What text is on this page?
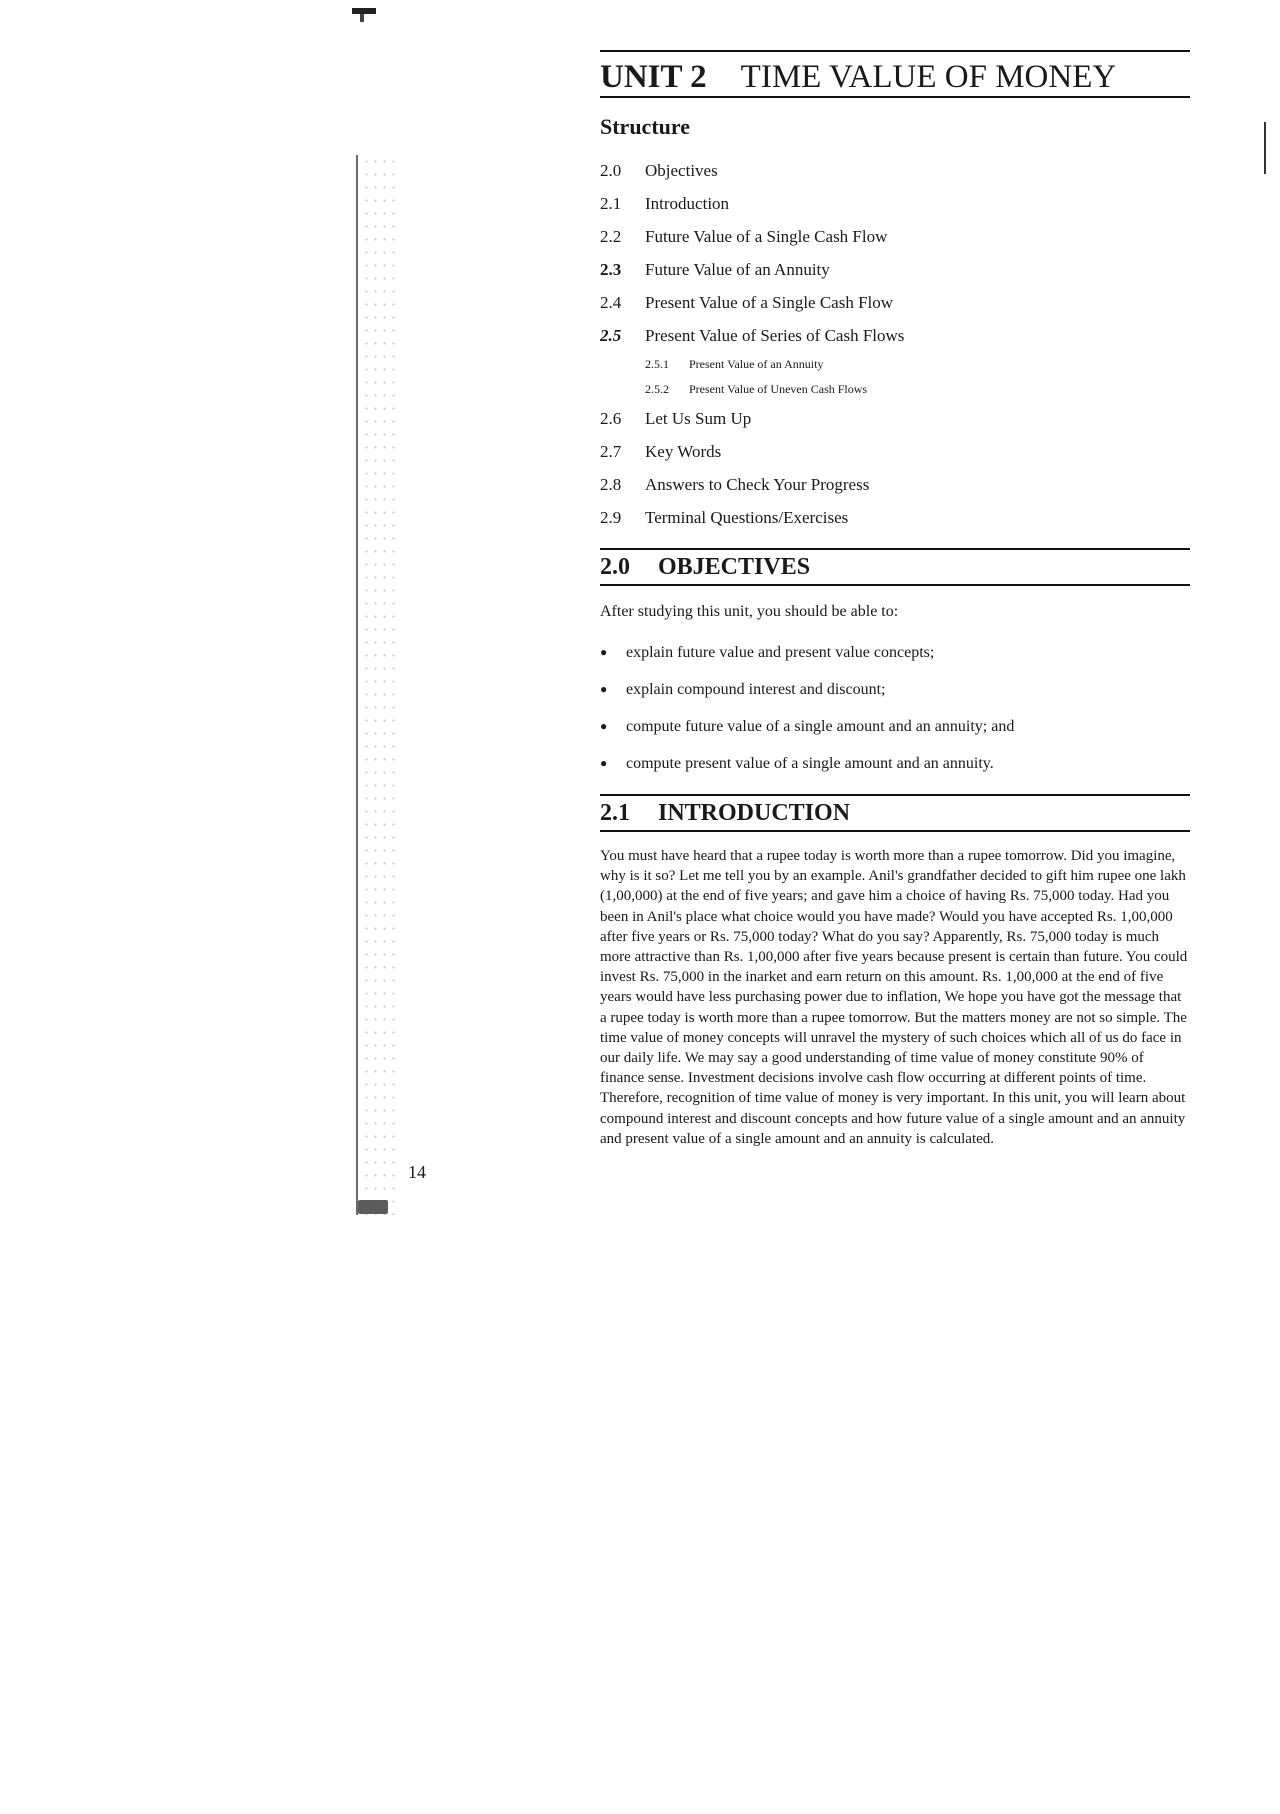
14
UNIT 2 TIME VALUE OF MONEY
Structure
2.0	Objectives
2.1	Introduction
2.2	Future Value of a Single Cash Flow
2.3	Future Value of an Annuity
2.4	Present Value of a Single Cash Flow
2.5	Present Value of Series of Cash Flows
2.5.1	Present Value of an Annuity
2.5.2	Present Value of Uneven Cash Flows
2.6	Let Us Sum Up
2.7	Key Words
2.8	Answers to Check Your Progress
2.9	Terminal Questions/Exercises
2.0	OBJECTIVES

After studying this unit, you should be able to:

●	explain future value and present value concepts;
●	explain compound interest and discount;
●	compute future value of a single amount and an annuity; and
●	compute present value of a single amount and an annuity.
2.1	INTRODUCTION

You must have heard that a rupee today is worth more than a rupee tomorrow. Did you imagine, why is it so? Let me tell you by an example. Anil's grandfather decided to gift him rupee one lakh (1,00,000) at the end of five years; and gave him a choice of having Rs. 75,000 today. Had you been in Anil's place what choice would you have made? Would you have accepted Rs. 1,00,000 after five years or Rs. 75,000 today? What do you say? Apparently, Rs. 75,000 today is much more attractive than Rs. 1,00,000 after five years because present is certain than future. You could invest Rs. 75,000 in the inarket and earn return on this amount. Rs. 1,00,000 at the end of five years would have less purchasing power due to inflation, We hope you have got the message that a rupee today is worth more than a rupee tomorrow. But the matters money are not so simple. The time value of money concepts will unravel the mystery of such choices which all of us do face in our daily life. We may say a good understanding of time value of money constitute 90% of finance sense. Investment decisions involve cash flow occurring at different points of time. Therefore, recognition of time value of money is very important. In this unit, you will learn about compound interest and discount concepts and how future value of a single amount and an annuity and present value of a single amount and an annuity is calculated.
